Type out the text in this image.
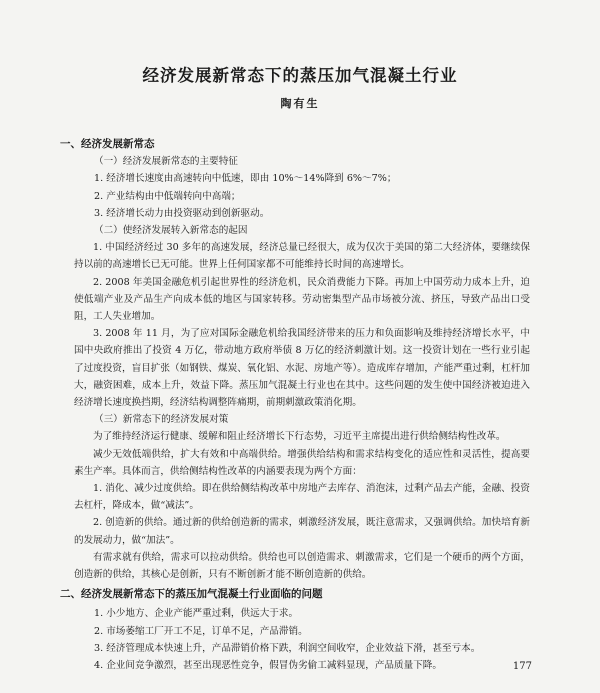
经济发展新常态下的蒸压加气混凝土行业
陶有生

一、经济发展新常态

（一）经济发展新常态的主要特征

1. 经济增长速度由高速转向中低速，即由 10%～14%降到 6%～7%；

2. 产业结构由中低端转向中高端；

3. 经济增长动力由投资驱动到创新驱动。

（二）使经济发展转入新常态的起因

1. 中国经济经过 30 多年的高速发展，经济总量已经很大，成为仅次于美国的第二大经济体，要继续保持以前的高速增长已无可能。世界上任何国家都不可能维持长时间的高速增长。

2. 2008 年美国金融危机引起世界性的经济危机，民众消费能力下降。再加上中国劳动力成本上升，迫使低端产业及产品生产向成本低的地区与国家转移。劳动密集型产品市场被分流、挤压，导致产品出口受阻，工人失业增加。

3. 2008 年 11 月，为了应对国际金融危机给我国经济带来的压力和负面影响及维持经济增长水平，中国中央政府推出了投资 4 万亿，带动地方政府举债 8 万亿的经济刺激计划。这一投资计划在一些行业引起了过度投资，盲目扩张（如钢铁、煤炭、氧化铝、水泥、房地产等）。造成库存增加，产能严重过剩，杠杆加大，融资困难，成本上升，效益下降。蒸压加气混凝土行业也在其中。这些问题的发生使中国经济被迫进入经济增长速度换挡期，经济结构调整阵痛期，前期刺激政策消化期。

（三）新常态下的经济发展对策

为了维持经济运行健康、缓解和阻止经济增长下行态势，习近平主席提出进行供给侧结构性改革。

减少无效低端供给，扩大有效和中高端供给。增强供给结构和需求结构变化的适应性和灵活性，提高要素生产率。具体而言，供给侧结构性改革的内涵要表现为两个方面：

1. 消化、减少过度供给。即在供给侧结构改革中房地产去库存、消泡沫，过剩产品去产能，金融、投资去杠杆，降成本，做“减法”。

2. 创造新的供给。通过新的供给创造新的需求，刺激经济发展，既注意需求，又强调供给。加快培育新的发展动力，做“加法”。

有需求就有供给，需求可以拉动供给。供给也可以创造需求、刺激需求，它们是一个硬币的两个方面，创造新的供给，其核心是创新，只有不断创新才能不断创造新的供给。

二、经济发展新常态下的蒸压加气混凝土行业面临的问题

1. 小少地方、企业产能严重过剩，供远大于求。

2. 市场萎缩工厂开工不足，订单不足，产品滞销。

3. 经济管理成本快速上升，产品滞销价格下跌，利润空间收窄，企业效益下滑，甚至亏本。

4. 企业间竞争激烈，甚至出现恶性竞争，假冒伪劣偷工减料显现，产品质量下降。	177
